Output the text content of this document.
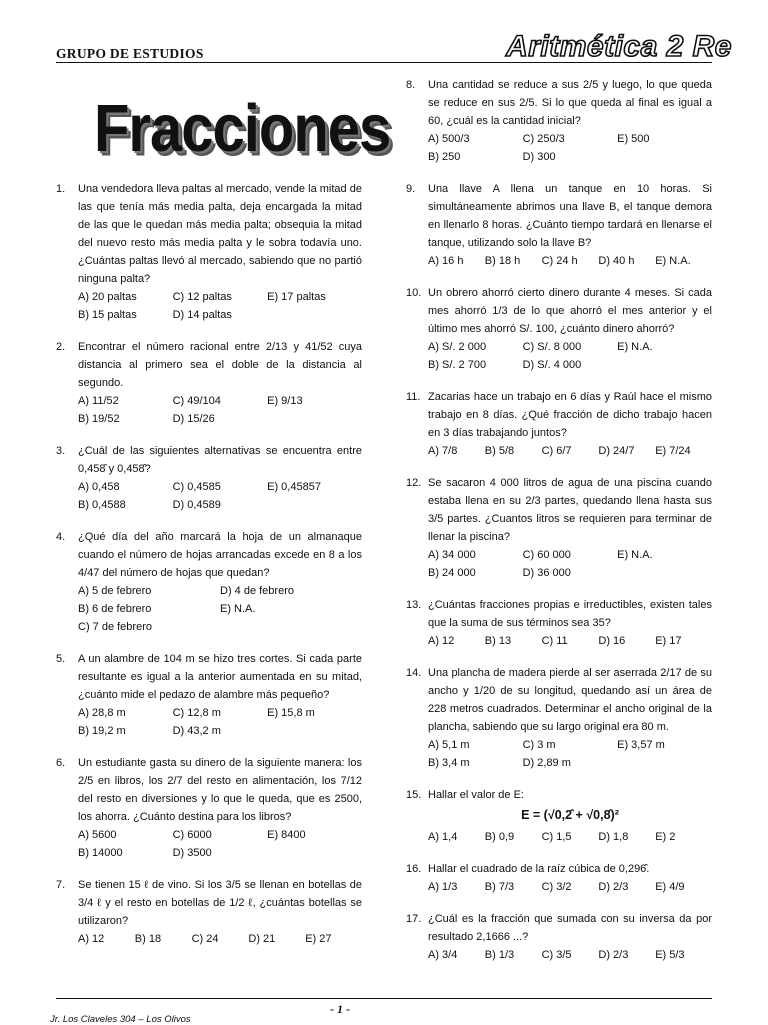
GRUPO DE ESTUDIOS	Aritmética 2 Re
Fracciones
1.	Una vendedora lleva paltas al mercado, vende la mitad de las que tenía más media palta, deja encargada la mitad de las que le quedan más media palta; obsequia la mitad del nuevo resto más media palta y le sobra todavía uno. ¿Cuántas paltas llevó al mercado, sabiendo que no partió ninguna palta?
A) 20 paltas	C) 12 paltas	E) 17 paltas
B) 15 paltas	D) 14 paltas
2.	Encontrar el número racional entre 2/13 y 41/52 cuya distancia al primero sea el doble de la distancia al segundo.
A) 11/52	C) 49/104	E) 9/13
B) 19/52	D) 15/26
3.	¿Cuál de las siguientes alternativas se encuentra entre 0,458̂ y 0,458̂?
A) 0,458	C) 0,4585	E) 0,45857
B) 0,4588	D) 0,4589
4.	¿Qué día del año marcará la hoja de un almanaque cuando el número de hojas arrancadas excede en 8 a los 4/47 del número de hojas que quedan?
A) 5 de febrero	D) 4 de febrero
B) 6 de febrero	E) N.A.
C) 7 de febrero
5.	A un alambre de 104 m se hizo tres cortes. Si cada parte resultante es igual a la anterior aumentada en su mitad, ¿cuánto mide el pedazo de alambre más pequeño?
A) 28,8 m	C) 12,8 m	E) 15,8 m
B) 19,2 m	D) 43,2 m
6.	Un estudiante gasta su dinero de la siguiente manera: los 2/5 en libros, los 2/7 del resto en alimentación, los 7/12 del resto en diversiones y lo que le queda, que es 2500, los ahorra. ¿Cuánto destina para los libros?
A) 5600	C) 6000	E) 8400
B) 14000	D) 3500
7.	Se tienen 15 ℓ de vino. Si los 3/5 se llenan en botellas de 3/4 ℓ y el resto en botellas de 1/2 ℓ, ¿cuántas botellas se utilizaron?
A) 12	B) 18	C) 24	D) 21	E) 27
8.	Una cantidad se reduce a sus 2/5 y luego, lo que queda se reduce en sus 2/5. Si lo que queda al final es igual a 60, ¿cuál es la cantidad inicial?
A) 500/3	C) 250/3	E) 500
B) 250	D) 300
9.	Una llave A llena un tanque en 10 horas. Si simultáneamente abrimos una llave B, el tanque demora en llenarlo 8 horas. ¿Cuánto tiempo tardará en llenarse el tanque, utilizando solo la llave B?
A) 16 h	B) 18 h	C) 24 h	D) 40 h	E) N.A.
10. Un obrero ahorró cierto dinero durante 4 meses. Si cada mes ahorró 1/3 de lo que ahorró el mes anterior y el último mes ahorró S/. 100, ¿cuánto dinero ahorró?
A) S/. 2 000	C) S/. 8 000	E) N.A.
B) S/. 2 700	D) S/. 4 000
11. Zacarias hace un trabajo en 6 días y Raúl hace el mismo trabajo en 8 días. ¿Qué fracción de dicho trabajo hacen en 3 días trabajando juntos?
A) 7/8	B) 5/8	C) 6/7	D) 24/7	E) 7/24
12. Se sacaron 4 000 litros de agua de una piscina cuando estaba llena en su 2/3 partes, quedando llena hasta sus 3/5 partes. ¿Cuantos litros se requieren para terminar de llenar la piscina?
A) 34 000	C) 60 000	E) N.A.
B) 24 000	D) 36 000
13. ¿Cuántas fracciones propias e irreductibles, existen tales que la suma de sus términos sea 35?
A) 12	B) 13	C) 11	D) 16	E) 17
14. Una plancha de madera pierde al ser aserrada 2/17 de su ancho y 1/20 de su longitud, quedando así un área de 228 metros cuadrados. Determinar el ancho original de la plancha, sabiendo que su largo original era 80 m.
A) 5,1 m	C) 3 m	E) 3,57 m
B) 3,4 m	D) 2,89 m
15. Hallar el valor de E:
E = (√0,2̂ + √0,8̂)²
A) 1,4	B) 0,9	C) 1,5	D) 1,8	E) 2
16. Hallar el cuadrado de la raíz cúbica de 0,296̂.
A) 1/3	B) 7/3	C) 3/2	D) 2/3	E) 4/9
17. ¿Cuál es la fracción que sumada con su inversa da por resultado 2,1666 ...?
A) 3/4	B) 1/3	C) 3/5	D) 2/3	E) 5/3
- 1 -
Jr. Los Claveles 304 – Los Olivos
